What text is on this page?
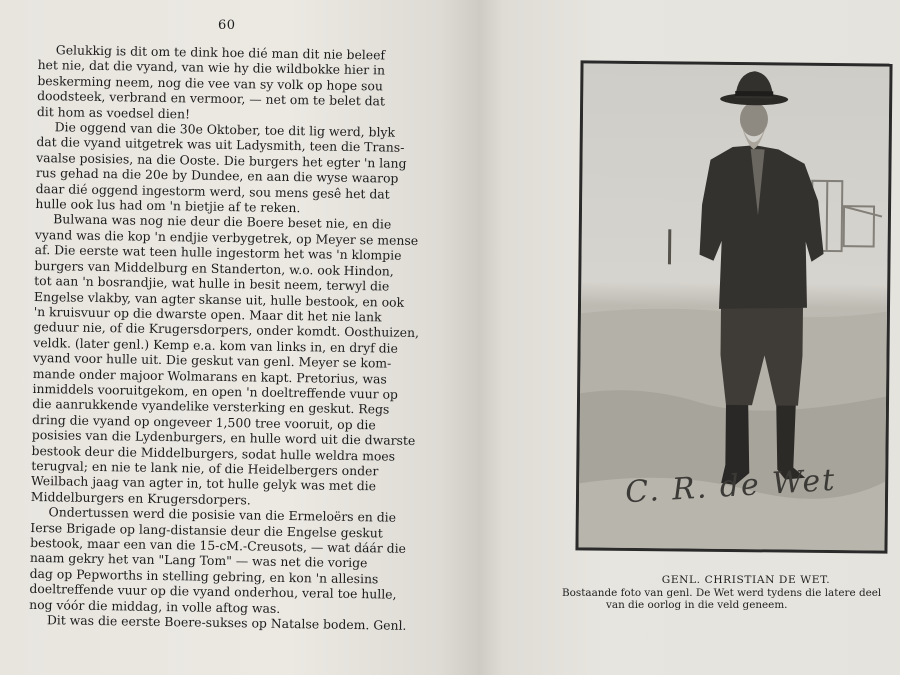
60

Gelukkig is dit om te dink hoe dié man dit nie beleef
het nie, dat die vyand, van wie hy die wildbokke hier in
beskerming neem, nog die vee van sy volk op hope sou
doodsteek, verbrand en vermoor, — net om te belet dat
dit hom as voedsel dien!

Die oggend van die 30e Oktober, toe dit lig werd, blyk
dat die vyand uitgetrek was uit Ladysmith, teen die Trans-
vaalse posisies, na die Ooste. Die burgers het egter 'n lang
rus gehad na die 20e by Dundee, en aan die wyse waarop
daar dié oggend ingestorm werd, sou mens gesê het dat
hulle ook lus had om 'n bietjie af te reken.

Bulwana was nog nie deur die Boere beset nie, en die
vyand was die kop 'n endjie verbygetrek, op Meyer se mense
af. Die eerste wat teen hulle ingestorm het was 'n klompie
burgers van Middelburg en Standerton, w.o. ook Hindon,
tot aan 'n bosrandjie, wat hulle in besit neem, terwyl die
Engelse vlakby, van agter skanse uit, hulle bestook, en ook
'n kruisvuur op die dwarste open. Maar dit het nie lank
geduur nie, of die Krugersdorpers, onder komdt. Oosthuizen,
veldk. (later genl.) Kemp e.a. kom van links in, en dryf die
vyand voor hulle uit. Die geskut van genl. Meyer se kom-
mande onder majoor Wolmarans en kapt. Pretorius, was
inmiddels vooruitgekom, en open 'n doeltreffende vuur op
die aanrukkende vyandelike versterking en geskut. Regs
dring die vyand op ongeveer 1,500 tree vooruit, op die
posisies van die Lydenburgers, en hulle word uit die dwarste
bestook deur die Middelburgers, sodat hulle weldra moes
terugval; en nie te lank nie, of die Heidelbergers onder
Weilbach jaag van agter in, tot hulle gelyk was met die
Middelburgers en Krugersdorpers.

Ondertussen werd die posisie van die Ermeloërs en die
Ierse Brigade op lang-distansie deur die Engelse geskut
bestook, maar een van die 15-cM.-Creusots, — wat dáár die
naam gekry het van "Lang Tom" — was net die vorige
dag op Pepworths in stelling gebring, en kon 'n allesins
doeltreffende vuur op die vyand onderhou, veral toe hulle,
nog vóór die middag, in volle aftog was.

Dit was die eerste Boere-sukses op Natalse bodem. Genl.

C. R. de Wet
GENL. CHRISTIAN DE WET.
Bostaande foto van genl. De Wet werd tydens die latere deel
van die oorlog in die veld geneem.
